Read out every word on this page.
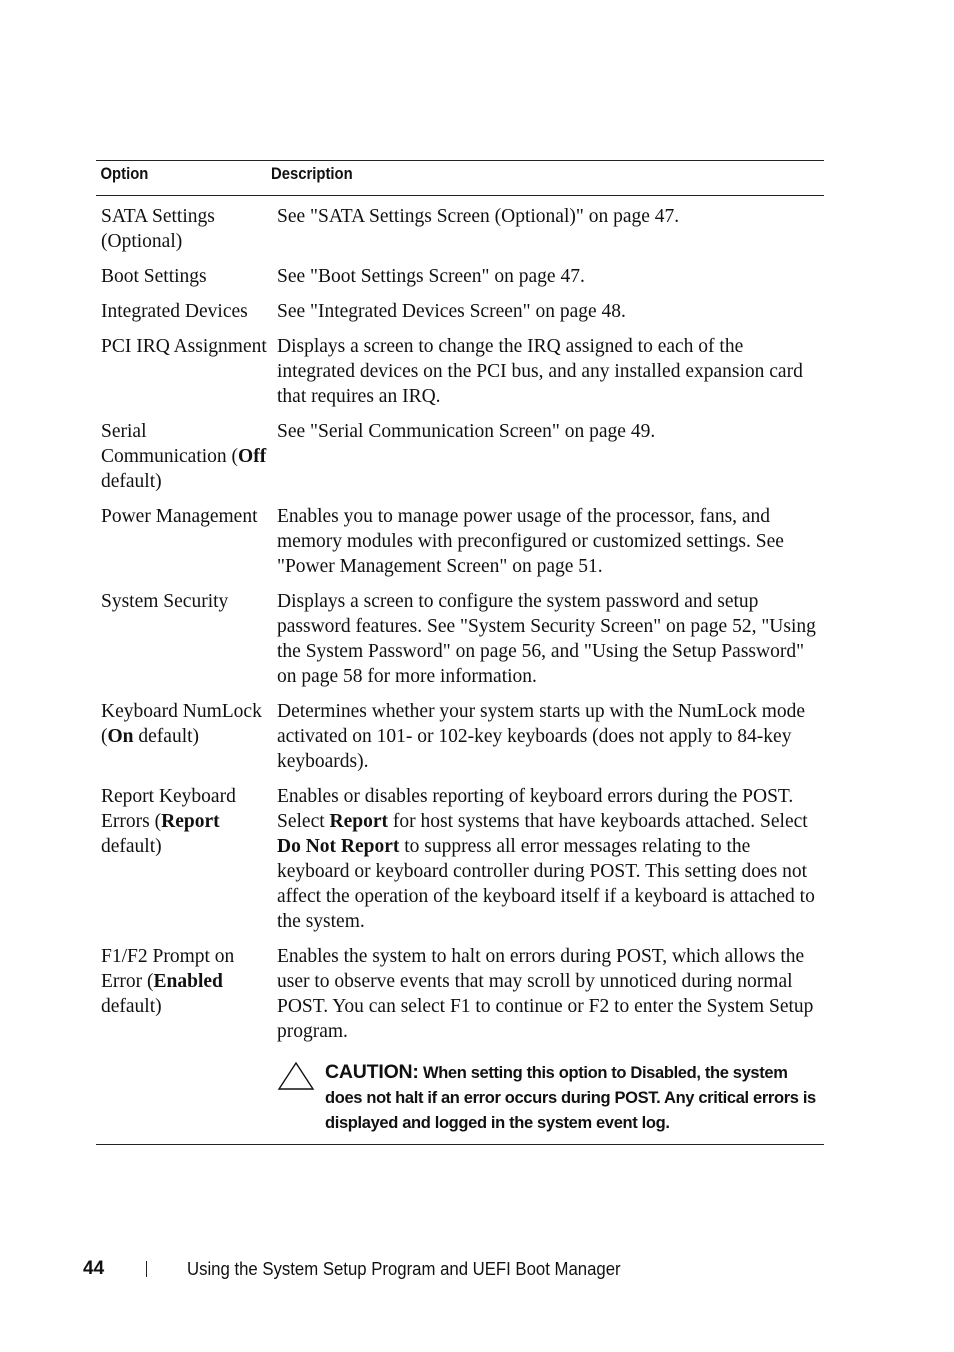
Option	Description
SATA Settings (Optional)	See "SATA Settings Screen (Optional)" on page 47.
Boot Settings	See "Boot Settings Screen" on page 47.
Integrated Devices	See "Integrated Devices Screen" on page 48.
PCI IRQ Assignment	Displays a screen to change the IRQ assigned to each of the integrated devices on the PCI bus, and any installed expansion card that requires an IRQ.
Serial Communication (Off default)	See "Serial Communication Screen" on page 49.
Power Management	Enables you to manage power usage of the processor, fans, and memory modules with preconfigured or customized settings. See "Power Management Screen" on page 51.
System Security	Displays a screen to configure the system password and setup password features. See "System Security Screen" on page 52, "Using the System Password" on page 56, and "Using the Setup Password" on page 58 for more information.
Keyboard NumLock (On default)	Determines whether your system starts up with the NumLock mode activated on 101- or 102-key keyboards (does not apply to 84-key keyboards).
Report Keyboard Errors (Report default)	Enables or disables reporting of keyboard errors during the POST. Select Report for host systems that have keyboards attached. Select Do Not Report to suppress all error messages relating to the keyboard or keyboard controller during POST. This setting does not affect the operation of the keyboard itself if a keyboard is attached to the system.
F1/F2 Prompt on Error (Enabled default)	Enables the system to halt on errors during POST, which allows the user to observe events that may scroll by unnoticed during normal POST. You can select F1 to continue or F2 to enter the System Setup program.
CAUTION: When setting this option to Disabled, the system does not halt if an error occurs during POST. Any critical errors is displayed and logged in the system event log.
44	Using the System Setup Program and UEFI Boot Manager
